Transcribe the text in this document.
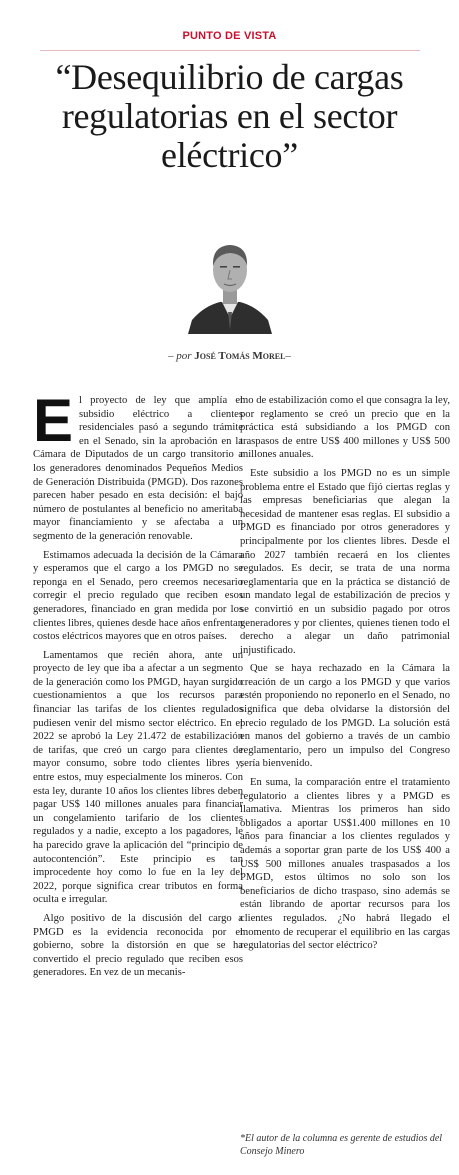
PUNTO DE VISTA
“Desequilibrio de cargas regulatorias en el sector eléctrico”
– por José Tomás Morel–

El proyecto de ley que amplía el subsidio eléctrico a clientes residenciales pasó a segundo trámite en el Senado, sin la aprobación en la Cámara de Diputados de un cargo transitorio a los generadores denominados Pequeños Medios de Generación Distribuida (PMGD). Dos razones parecen haber pesado en esta decisión: el bajo número de postulantes al beneficio no ameritaba mayor financiamiento y se afectaba a un segmento de la generación renovable.

Estimamos adecuada la decisión de la Cámara y esperamos que el cargo a los PMGD no se reponga en el Senado, pero creemos necesario corregir el precio regulado que reciben esos generadores, financiado en gran medida por los clientes libres, quienes desde hace años enfrentan costos eléctricos mayores que en otros países.

Lamentamos que recién ahora, ante un proyecto de ley que iba a afectar a un segmento de la generación como los PMGD, hayan surgido cuestionamientos a que los recursos para financiar las tarifas de los clientes regulados pudiesen venir del mismo sector eléctrico. En el 2022 se aprobó la Ley 21.472 de estabilización de tarifas, que creó un cargo para clientes de mayor consumo, sobre todo clientes libres y, entre estos, muy especialmente los mineros. Con esta ley, durante 10 años los clientes libres deben pagar US$ 140 millones anuales para financiar un congelamiento tarifario de los clientes regulados y a nadie, excepto a los pagadores, le ha parecido grave la aplicación del “principio de autocontención”. Este principio es tan improcedente hoy como lo fue en la ley del 2022, porque significa crear tributos en forma oculta e irregular.

Algo positivo de la discusión del cargo a PMGD es la evidencia reconocida por el gobierno, sobre la distorsión en que se ha convertido el precio regulado que reciben esos generadores. En vez de un mecanis-

mo de estabilización como el que consagra la ley, por reglamento se creó un precio que en la práctica está subsidiando a los PMGD con traspasos de entre US$ 400 millones y US$ 500 millones anuales.

Este subsidio a los PMGD no es un simple problema entre el Estado que fijó ciertas reglas y las empresas beneficiarias que alegan la necesidad de mantener esas reglas. El subsidio a PMGD es financiado por otros generadores y principalmente por los clientes libres. Desde el año 2027 también recaerá en los clientes regulados. Es decir, se trata de una norma reglamentaria que en la práctica se distanció de un mandato legal de estabilización de precios y se convirtió en un subsidio pagado por otros generadores y por clientes, quienes tienen todo el derecho a alegar un daño patrimonial injustificado.

Que se haya rechazado en la Cámara la creación de un cargo a los PMGD y que varios estén proponiendo no reponerlo en el Senado, no significa que deba olvidarse la distorsión del precio regulado de los PMGD. La solución está en manos del gobierno a través de un cambio reglamentario, pero un impulso del Congreso sería bienvenido.

En suma, la comparación entre el tratamiento regulatorio a clientes libres y a PMGD es llamativa. Mientras los primeros han sido obligados a aportar US$1.400 millones en 10 años para financiar a los clientes regulados y además a soportar gran parte de los US$ 400 a US$ 500 millones anuales traspasados a los PMGD, estos últimos no solo son los beneficiarios de dicho traspaso, sino además se están librando de aportar recursos para los clientes regulados. ¿No habrá llegado el momento de recuperar el equilibrio en las cargas regulatorias del sector eléctrico?

*El autor de la columna es gerente de estudios del Consejo Minero
